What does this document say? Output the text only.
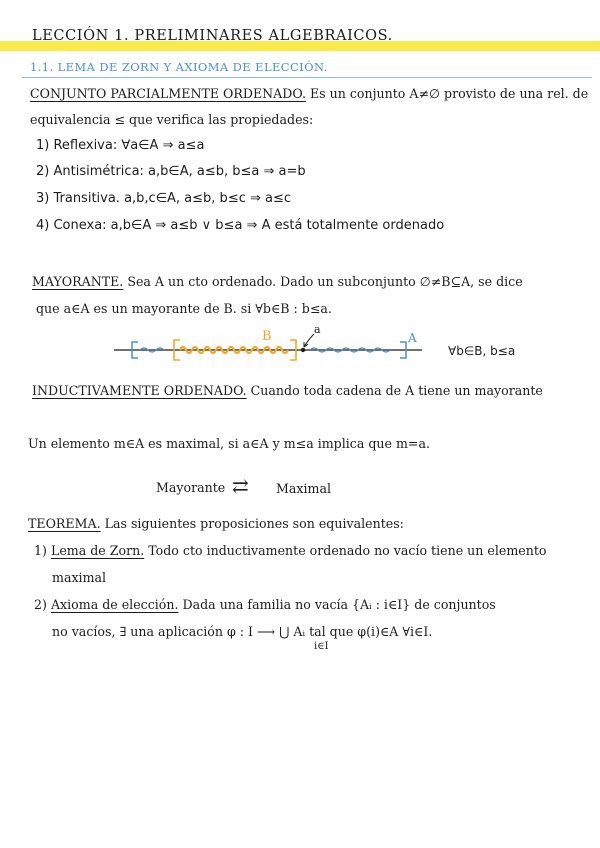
LECCIÓN 1. PRELIMINARES ALGEBRAICOS.
1.1. LEMA DE ZORN Y AXIOMA DE ELECCIÓN.
CONJUNTO PARCIALMENTE ORDENADO. Es un conjunto A≠∅ provisto de una rel. de
equivalencia ≤ que verifica las propiedades:
1) Reflexiva: ∀a∈A ⇒ a≤a
2) Antisimétrica: a,b∈A, a≤b, b≤a ⇒ a=b
3) Transitiva. a,b,c∈A, a≤b, b≤c ⇒ a≤c
4) Conexa: a,b∈A ⇒ a≤b ∨ b≤a ⇒ A está totalmente ordenado
MAYORANTE. Sea A un cto ordenado. Dado un subconjunto ∅≠B⊆A, se dice
que a∈A es un mayorante de B. si ∀b∈B : b≤a.
B	a
A
∀b∈B, b≤a
INDUCTIVAMENTE ORDENADO. Cuando toda cadena de A tiene un mayorante
Un elemento m∈A es maximal, si a∈A y m≤a implica que m=a.
Mayorante ⇄ Maximal
TEOREMA. Las siguientes proposiciones son equivalentes:
1) Lema de Zorn. Todo cto inductivamente ordenado no vacío tiene un elemento
maximal
2) Axioma de elección. Dada una familia no vacía {Aᵢ : i∈I} de conjuntos
no vacíos, ∃ una aplicación φ : I ⟶ ⋃ Aᵢ tal que φ(i)∈A ∀i∈I.
i∈I
